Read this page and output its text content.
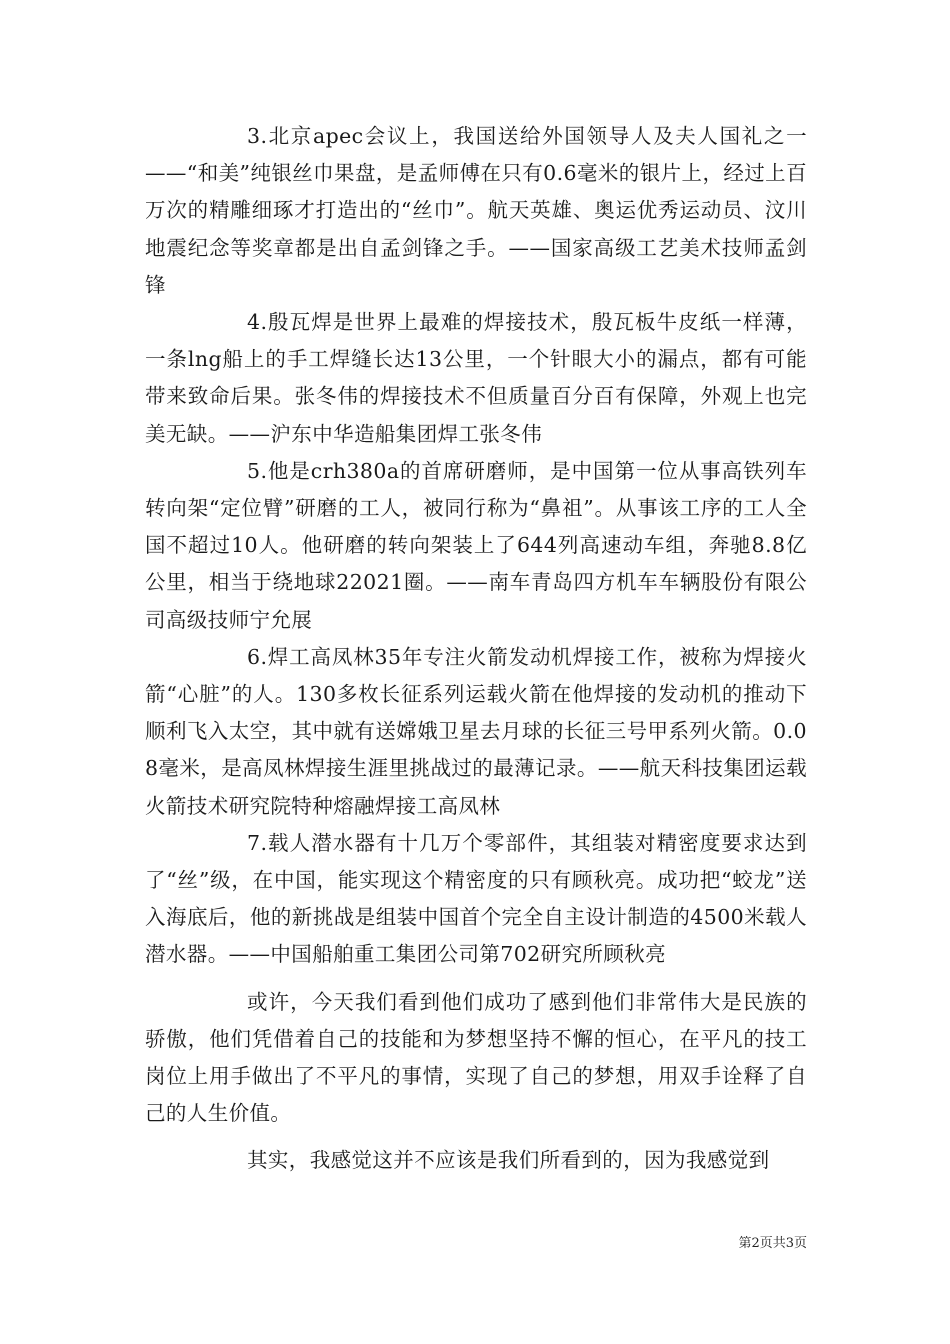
3.北京apec会议上，我国送给外国领导人及夫人国礼之一——“和美”纯银丝巾果盘，是孟师傅在只有0.6毫米的银片上，经过上百万次的精雕细琢才打造出的“丝巾”。航天英雄、奥运优秀运动员、汶川地震纪念等奖章都是出自孟剑锋之手。——国家高级工艺美术技师孟剑锋

4.殷瓦焊是世界上最难的焊接技术，殷瓦板牛皮纸一样薄，一条lng船上的手工焊缝长达13公里，一个针眼大小的漏点，都有可能带来致命后果。张冬伟的焊接技术不但质量百分百有保障，外观上也完美无缺。——沪东中华造船集团焊工张冬伟

5.他是crh380a的首席研磨师，是中国第一位从事高铁列车转向架“定位臂”研磨的工人，被同行称为“鼻祖”。从事该工序的工人全国不超过10人。他研磨的转向架装上了644列高速动车组，奔驰8.8亿公里，相当于绕地球22021圈。——南车青岛四方机车车辆股份有限公司高级技师宁允展

6.焊工高凤林35年专注火箭发动机焊接工作，被称为焊接火箭“心脏”的人。130多枚长征系列运载火箭在他焊接的发动机的推动下顺利飞入太空，其中就有送嫦娥卫星去月球的长征三号甲系列火箭。0.08毫米，是高凤林焊接生涯里挑战过的最薄记录。——航天科技集团运载火箭技术研究院特种熔融焊接工高凤林

7.载人潜水器有十几万个零部件，其组装对精密度要求达到了“丝”级，在中国，能实现这个精密度的只有顾秋亮。成功把“蛟龙”送入海底后，他的新挑战是组装中国首个完全自主设计制造的4500米载人潜水器。——中国船舶重工集团公司第702研究所顾秋亮

或许，今天我们看到他们成功了感到他们非常伟大是民族的骄傲，他们凭借着自己的技能和为梦想坚持不懈的恒心，在平凡的技工岗位上用手做出了不平凡的事情，实现了自己的梦想，用双手诠释了自己的人生价值。

其实，我感觉这并不应该是我们所看到的，因为我感觉到

第2页共3页
